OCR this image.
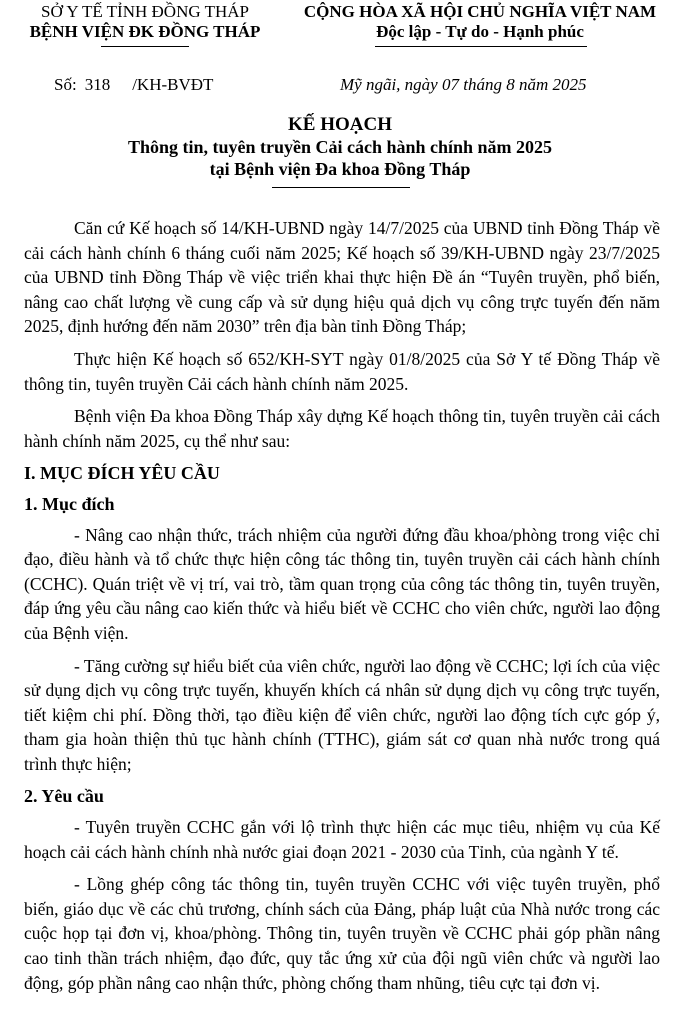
SỞ Y TẾ TỈNH ĐỒNG THÁP
BỆNH VIỆN ĐK ĐỒNG THÁP
CỘNG HÒA XÃ HỘI CHỦ NGHĨA VIỆT NAM
Độc lập - Tự do - Hạnh phúc
Số: 318 /KH-BVĐT	Mỹ ngãi, ngày 07 tháng 8 năm 2025
KẾ HOẠCH
Thông tin, tuyên truyền Cải cách hành chính năm 2025
tại Bệnh viện Đa khoa Đồng Tháp

Căn cứ Kế hoạch số 14/KH-UBND ngày 14/7/2025 của UBND tỉnh Đồng Tháp về cải cách hành chính 6 tháng cuối năm 2025; Kế hoạch số 39/KH-UBND ngày 23/7/2025 của UBND tỉnh Đồng Tháp về việc triển khai thực hiện Đề án “Tuyên truyền, phổ biến, nâng cao chất lượng về cung cấp và sử dụng hiệu quả dịch vụ công trực tuyến đến năm 2025, định hướng đến năm 2030” trên địa bàn tỉnh Đồng Tháp;

Thực hiện Kế hoạch số 652/KH-SYT ngày 01/8/2025 của Sở Y tế Đồng Tháp về thông tin, tuyên truyền Cải cách hành chính năm 2025.

Bệnh viện Đa khoa Đồng Tháp xây dựng Kế hoạch thông tin, tuyên truyền cải cách hành chính năm 2025, cụ thể như sau:

I. MỤC ĐÍCH YÊU CẦU

1. Mục đích

- Nâng cao nhận thức, trách nhiệm của người đứng đầu khoa/phòng trong việc chỉ đạo, điều hành và tổ chức thực hiện công tác thông tin, tuyên truyền cải cách hành chính (CCHC). Quán triệt về vị trí, vai trò, tầm quan trọng của công tác thông tin, tuyên truyền, đáp ứng yêu cầu nâng cao kiến thức và hiểu biết về CCHC cho viên chức, người lao động của Bệnh viện.

- Tăng cường sự hiểu biết của viên chức, người lao động về CCHC; lợi ích của việc sử dụng dịch vụ công trực tuyến, khuyến khích cá nhân sử dụng dịch vụ công trực tuyến, tiết kiệm chi phí. Đồng thời, tạo điều kiện để viên chức, người lao động tích cực góp ý, tham gia hoàn thiện thủ tục hành chính (TTHC), giám sát cơ quan nhà nước trong quá trình thực hiện;

2. Yêu cầu

- Tuyên truyền CCHC gắn với lộ trình thực hiện các mục tiêu, nhiệm vụ của Kế hoạch cải cách hành chính nhà nước giai đoạn 2021 - 2030 của Tỉnh, của ngành Y tế.

- Lồng ghép công tác thông tin, tuyên truyền CCHC với việc tuyên truyền, phổ biến, giáo dục về các chủ trương, chính sách của Đảng, pháp luật của Nhà nước trong các cuộc họp tại đơn vị, khoa/phòng. Thông tin, tuyên truyền về CCHC phải góp phần nâng cao tinh thần trách nhiệm, đạo đức, quy tắc ứng xử của đội ngũ viên chức và người lao động, góp phần nâng cao nhận thức, phòng chống tham nhũng, tiêu cực tại đơn vị.
